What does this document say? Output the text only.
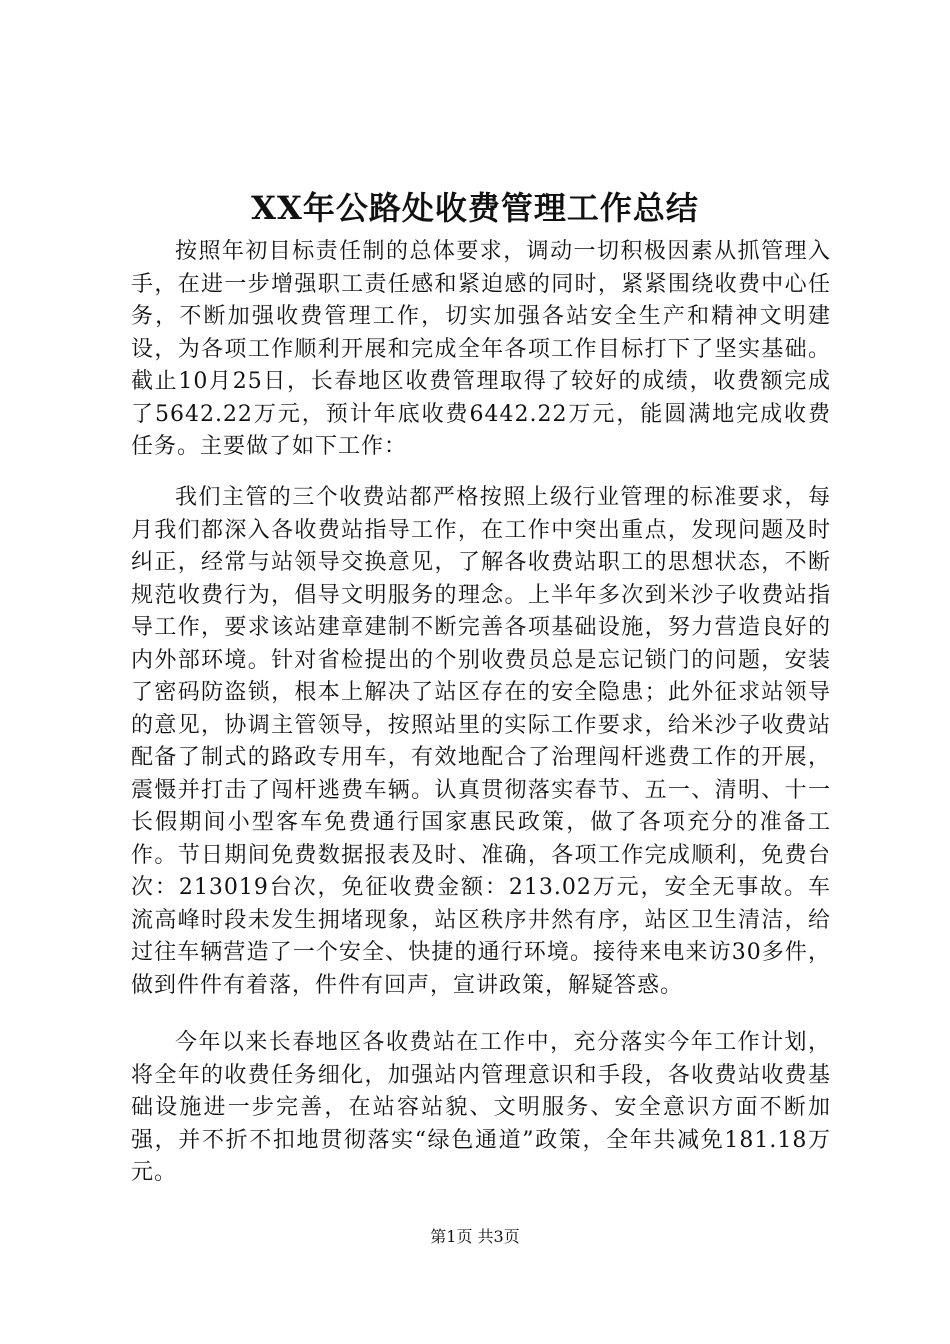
XX年公路处收费管理工作总结

按照年初目标责任制的总体要求，调动一切积极因素从抓管理入手，在进一步增强职工责任感和紧迫感的同时，紧紧围绕收费中心任务，不断加强收费管理工作，切实加强各站安全生产和精神文明建设，为各项工作顺利开展和完成全年各项工作目标打下了坚实基础。截止10月25日，长春地区收费管理取得了较好的成绩，收费额完成了5642.22万元，预计年底收费6442.22万元，能圆满地完成收费任务。主要做了如下工作：

我们主管的三个收费站都严格按照上级行业管理的标准要求，每月我们都深入各收费站指导工作，在工作中突出重点，发现问题及时纠正，经常与站领导交换意见，了解各收费站职工的思想状态，不断规范收费行为，倡导文明服务的理念。上半年多次到米沙子收费站指导工作，要求该站建章建制不断完善各项基础设施，努力营造良好的内外部环境。针对省检提出的个别收费员总是忘记锁门的问题，安装了密码防盗锁，根本上解决了站区存在的安全隐患；此外征求站领导的意见，协调主管领导，按照站里的实际工作要求，给米沙子收费站配备了制式的路政专用车，有效地配合了治理闯杆逃费工作的开展，震慑并打击了闯杆逃费车辆。认真贯彻落实春节、五一、清明、十一长假期间小型客车免费通行国家惠民政策，做了各项充分的准备工作。节日期间免费数据报表及时、准确，各项工作完成顺利，免费台次：213019台次，免征收费金额：213.02万元，安全无事故。车流高峰时段未发生拥堵现象，站区秩序井然有序，站区卫生清洁，给过往车辆营造了一个安全、快捷的通行环境。接待来电来访30多件，做到件件有着落，件件有回声，宣讲政策，解疑答惑。

今年以来长春地区各收费站在工作中，充分落实今年工作计划，将全年的收费任务细化，加强站内管理意识和手段，各收费站收费基础设施进一步完善，在站容站貌、文明服务、安全意识方面不断加强，并不折不扣地贯彻落实“绿色通道”政策，全年共减免181.18万元。

第1页 共3页
